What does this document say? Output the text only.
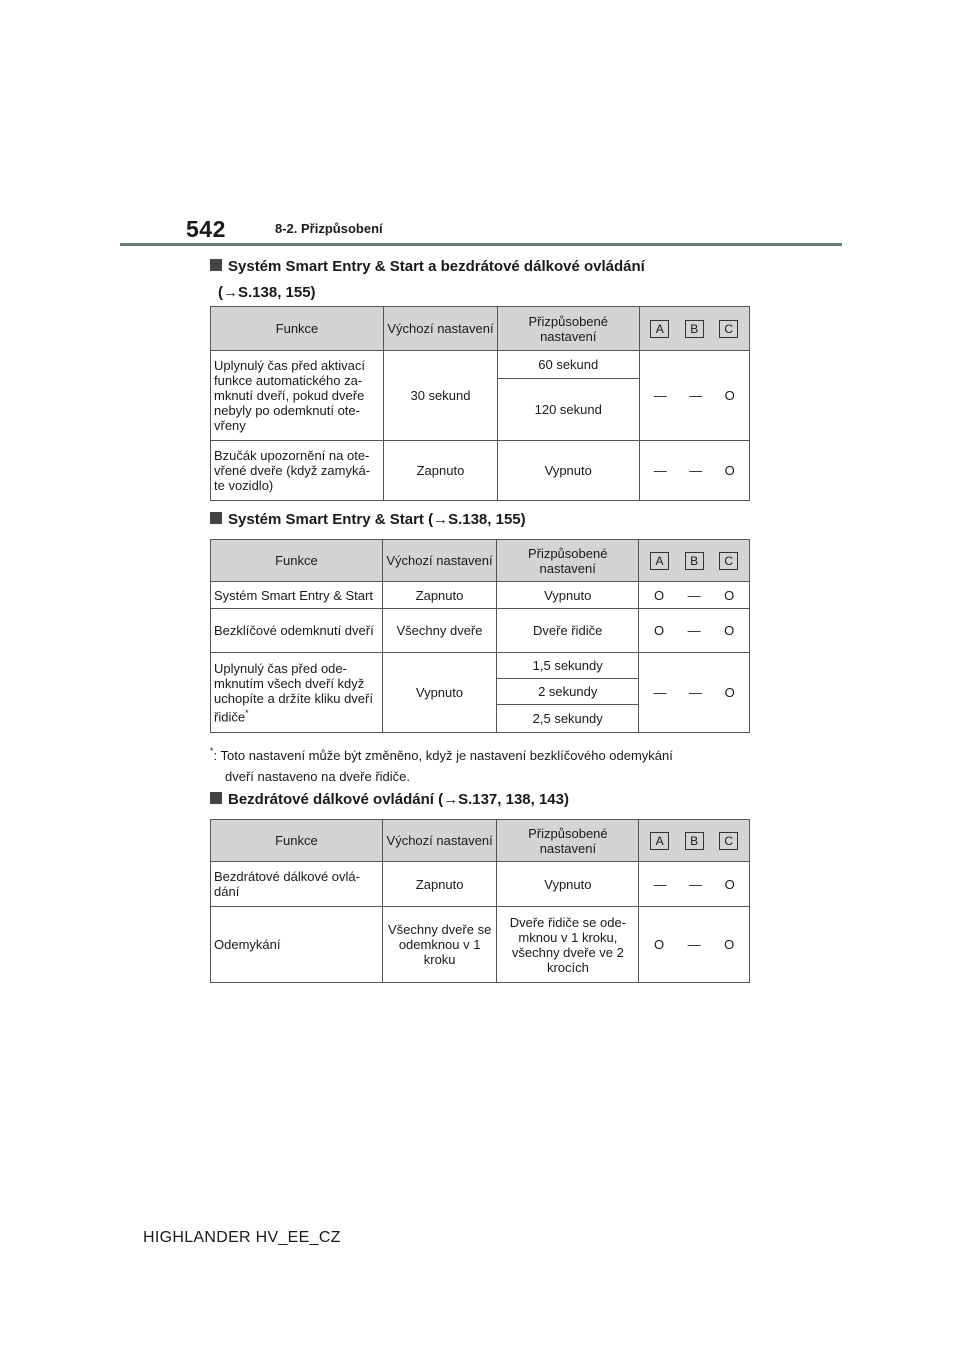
542	8-2. Přizpůsobení
Systém Smart Entry & Start a bezdrátové dálkové ovládání
(→S.138, 155)
Funkce	Výchozí nastavení	Přizpůsobené nastavení	A B C

Uplynulý čas před aktivací funkce automatického za-mknutí dveří, pokud dveře nebyly po odemknutí ote-vřeny	30 sekund	60 sekund	— — O

		120 sekund	
Bzučák upozornění na ote-vřené dveře (když zamyká-te vozidlo)	Zapnuto	Vypnuto	— — O
Systém Smart Entry & Start (→S.138, 155)
Funkce	Výchozí nastavení	Přizpůsobené nastavení	A B C

Systém Smart Entry & Start	Zapnuto	Vypnuto	O — O

Bezklíčové odemknutí dveří	Všechny dveře	Dveře řidiče	O — O

Uplynulý čas před ode-mknutím všech dveří když uchopíte a držíte kliku dveří řidiče*	Vypnuto	1,5 sekundy	— — O

		2 sekundy	
		2,5 sekundy	
*: Toto nastavení může být změněno, když je nastavení bezklíčového odemykání
dveří nastaveno na dveře řidiče.
Bezdrátové dálkové ovládání (→S.137, 138, 143)
Funkce	Výchozí nastavení	Přizpůsobené nastavení	A B C

Bezdrátové dálkové ovlá-dání	Zapnuto	Vypnuto	— — O

Odemykání	Všechny dveře se odemknou v 1 kroku	Dveře řidiče se ode-mknou v 1 kroku, všechny dveře ve 2 krocích	O — O
HIGHLANDER HV_EE_CZ
